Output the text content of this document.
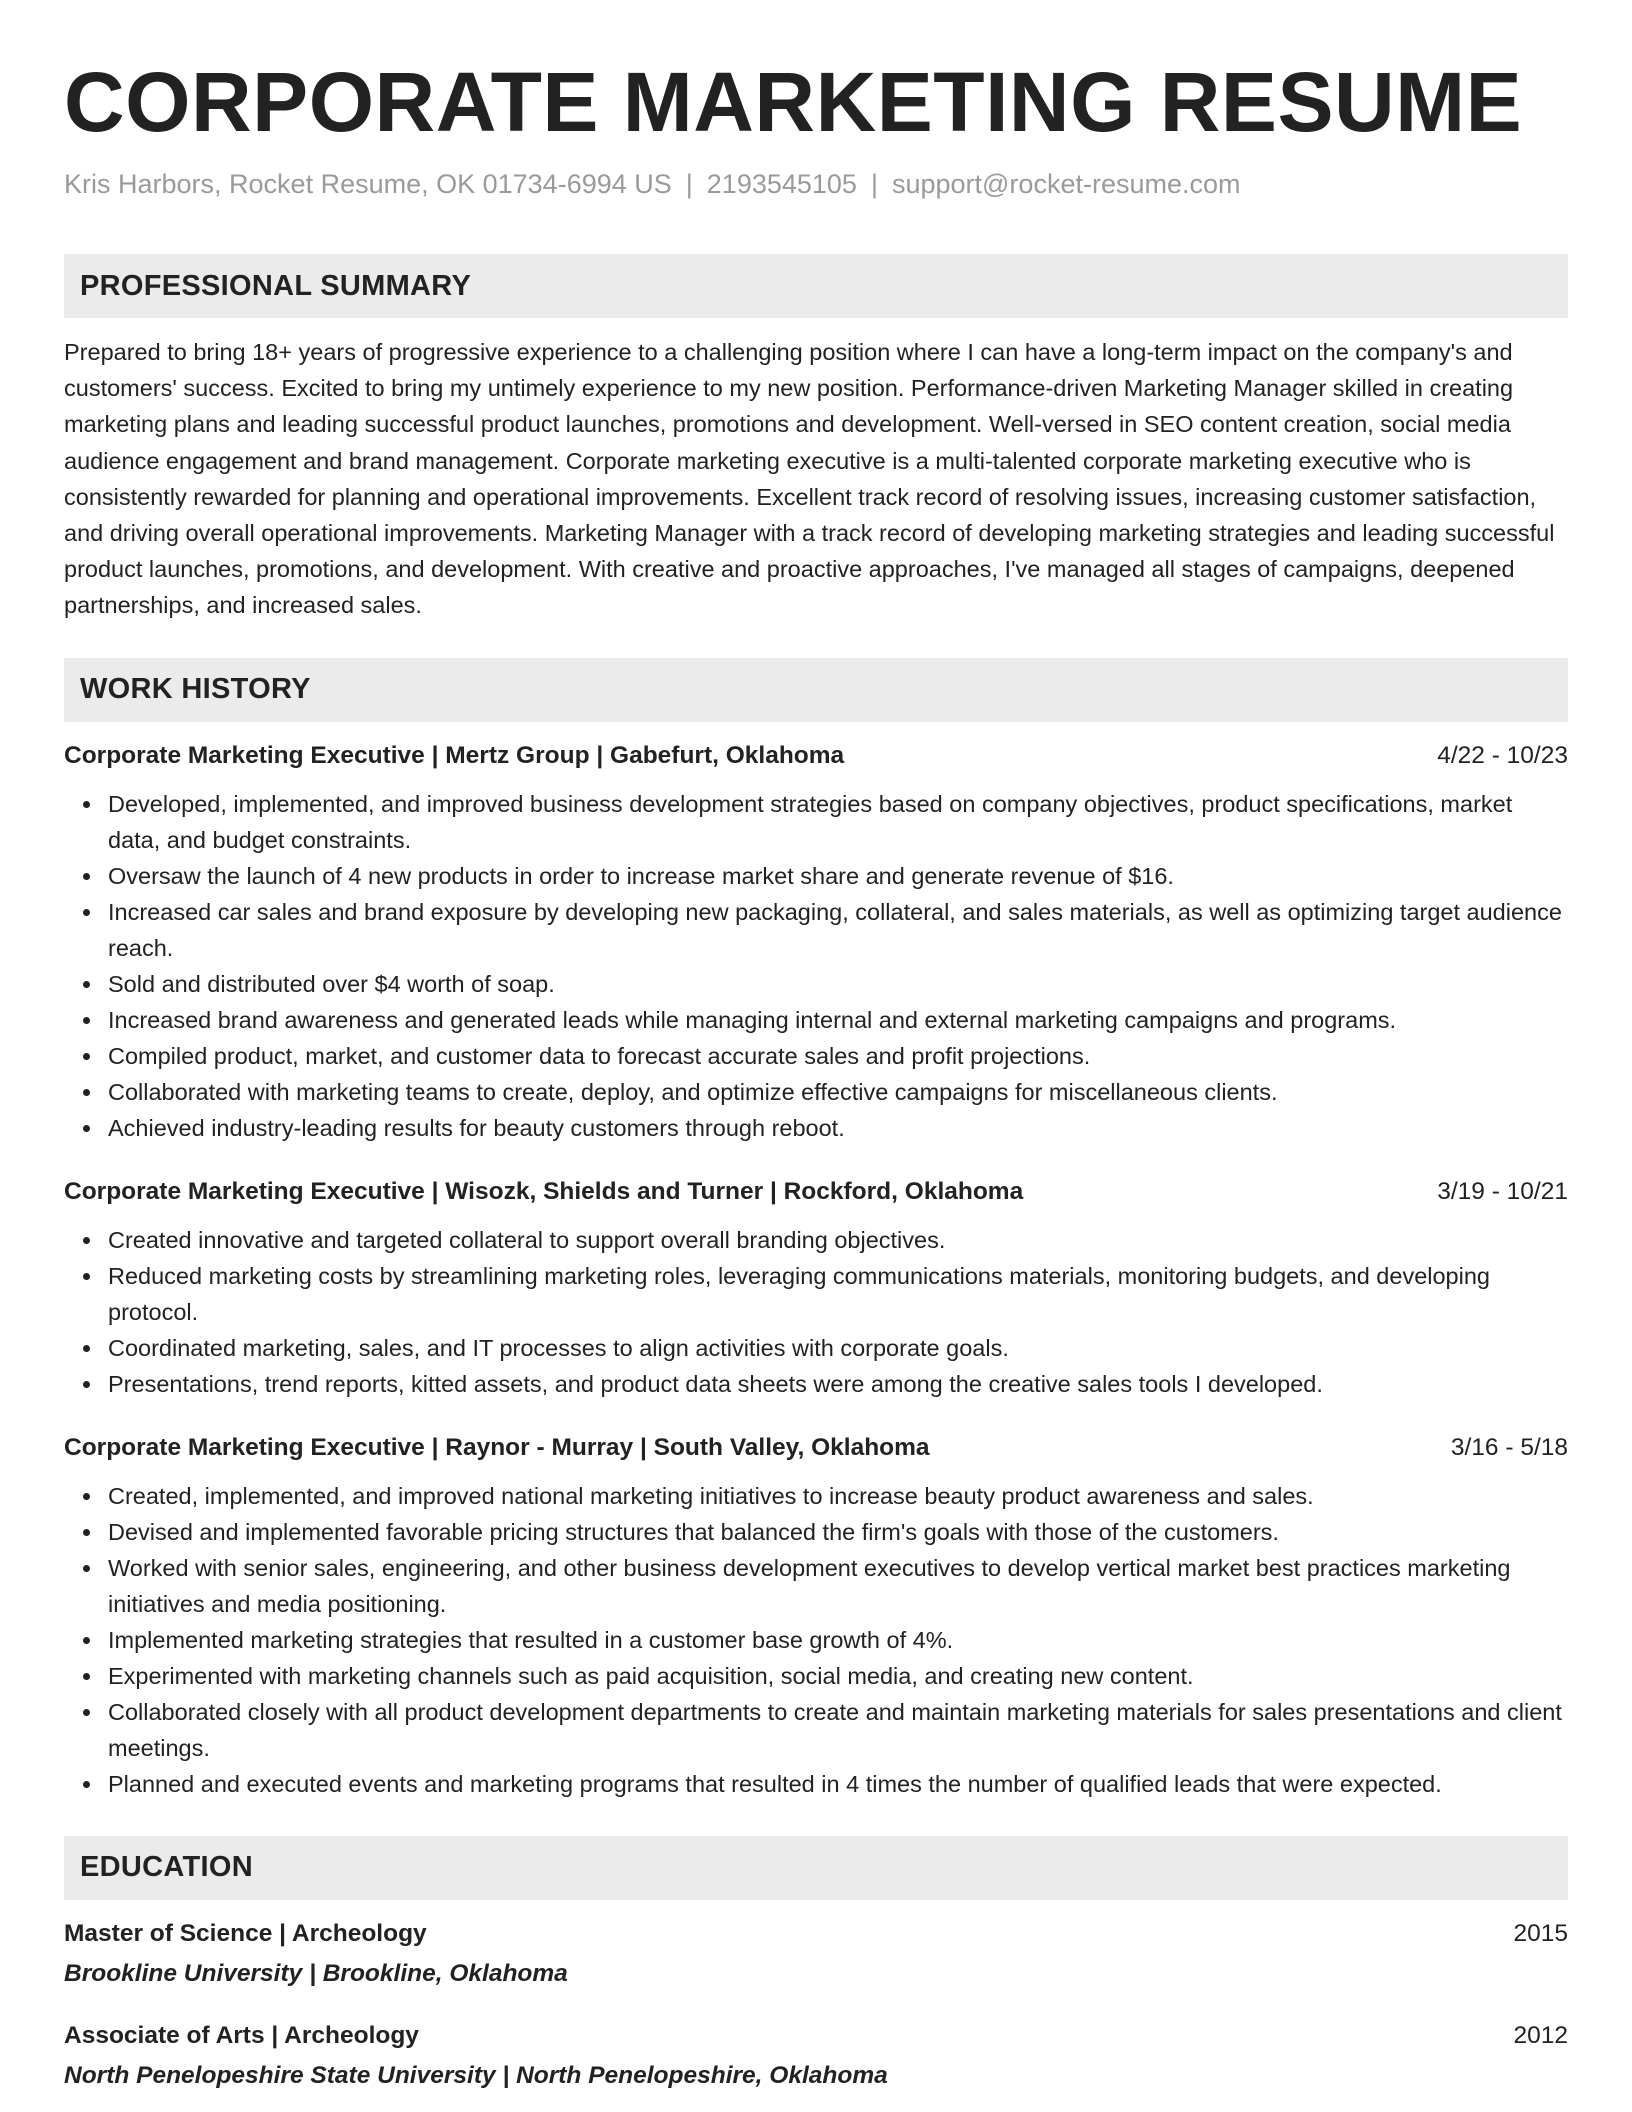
CORPORATE MARKETING RESUME
Kris Harbors, Rocket Resume, OK 01734-6994 US | 2193545105 | support@rocket-resume.com
PROFESSIONAL SUMMARY

Prepared to bring 18+ years of progressive experience to a challenging position where I can have a long-term impact on the company's and customers' success. Excited to bring my untimely experience to my new position. Performance-driven Marketing Manager skilled in creating marketing plans and leading successful product launches, promotions and development. Well-versed in SEO content creation, social media audience engagement and brand management. Corporate marketing executive is a multi-talented corporate marketing executive who is consistently rewarded for planning and operational improvements. Excellent track record of resolving issues, increasing customer satisfaction, and driving overall operational improvements. Marketing Manager with a track record of developing marketing strategies and leading successful product launches, promotions, and development. With creative and proactive approaches, I've managed all stages of campaigns, deepened partnerships, and increased sales.

WORK HISTORY
Corporate Marketing Executive | Mertz Group | Gabefurt, Oklahoma	4/22 - 10/23
Developed, implemented, and improved business development strategies based on company objectives, product specifications, market data, and budget constraints.
Oversaw the launch of 4 new products in order to increase market share and generate revenue of $16.
Increased car sales and brand exposure by developing new packaging, collateral, and sales materials, as well as optimizing target audience reach.
Sold and distributed over $4 worth of soap.
Increased brand awareness and generated leads while managing internal and external marketing campaigns and programs.
Compiled product, market, and customer data to forecast accurate sales and profit projections.
Collaborated with marketing teams to create, deploy, and optimize effective campaigns for miscellaneous clients.
Achieved industry-leading results for beauty customers through reboot.
Corporate Marketing Executive | Wisozk, Shields and Turner | Rockford, Oklahoma	3/19 - 10/21
Created innovative and targeted collateral to support overall branding objectives.
Reduced marketing costs by streamlining marketing roles, leveraging communications materials, monitoring budgets, and developing protocol.
Coordinated marketing, sales, and IT processes to align activities with corporate goals.
Presentations, trend reports, kitted assets, and product data sheets were among the creative sales tools I developed.
Corporate Marketing Executive | Raynor - Murray | South Valley, Oklahoma	3/16 - 5/18
Created, implemented, and improved national marketing initiatives to increase beauty product awareness and sales.
Devised and implemented favorable pricing structures that balanced the firm's goals with those of the customers.
Worked with senior sales, engineering, and other business development executives to develop vertical market best practices marketing initiatives and media positioning.
Implemented marketing strategies that resulted in a customer base growth of 4%.
Experimented with marketing channels such as paid acquisition, social media, and creating new content.
Collaborated closely with all product development departments to create and maintain marketing materials for sales presentations and client meetings.
Planned and executed events and marketing programs that resulted in 4 times the number of qualified leads that were expected.
EDUCATION
Master of Science | Archeology	2015
Brookline University | Brookline, Oklahoma
Associate of Arts | Archeology	2012
North Penelopeshire State University | North Penelopeshire, Oklahoma
